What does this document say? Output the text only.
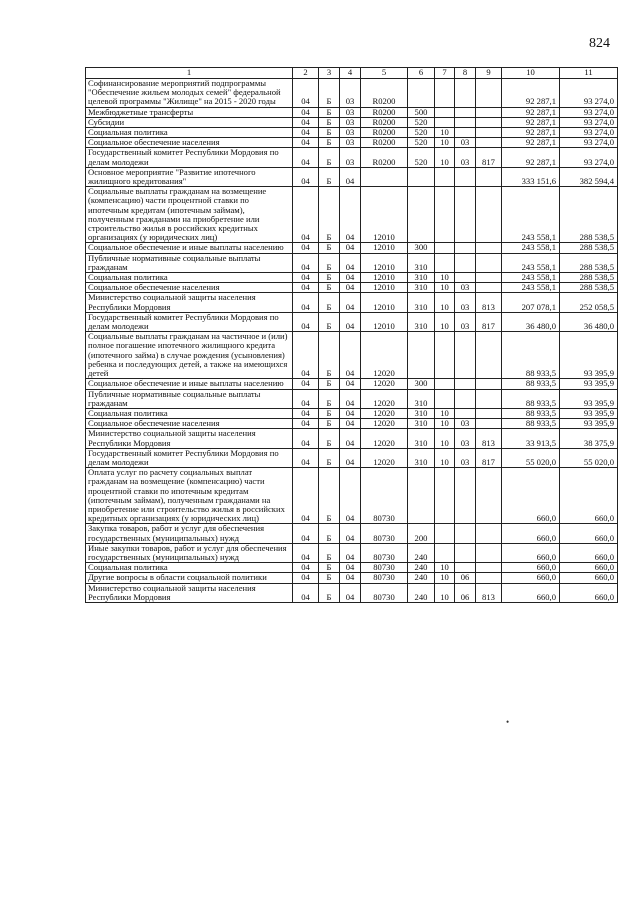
824
1	2	3	4	5	6	7	8	9	10	11
Софинансирование мероприятий подпрограммы "Обеспечение жильем молодых семей" федеральной целевой программы "Жилище" на 2015 - 2020 годы	04	Б	03	R0200					92 287,1	93 274,0
Межбюджетные трансферты	04	Б	03	R0200	500				92 287,1	93 274,0
Субсидии	04	Б	03	R0200	520				92 287,1	93 274,0
Социальная политика	04	Б	03	R0200	520	10			92 287,1	93 274,0
Социальное обеспечение населения	04	Б	03	R0200	520	10	03		92 287,1	93 274,0
Государственный комитет Республики Мордовия по делам молодежи	04	Б	03	R0200	520	10	03	817	92 287,1	93 274,0
Основное мероприятие "Развитие ипотечного жилищного кредитования"	04	Б	04						333 151,6	382 594,4
Социальные выплаты гражданам на возмещение (компенсацию) части процентной ставки по ипотечным кредитам (ипотечным займам), полученным гражданами на приобретение или строительство жилья в российских кредитных организациях (у юридических лиц)	04	Б	04	12010					243 558,1	288 538,5
Социальное обеспечение и иные выплаты населению	04	Б	04	12010	300				243 558,1	288 538,5
Публичные нормативные социальные выплаты гражданам	04	Б	04	12010	310				243 558,1	288 538,5
Социальная политика	04	Б	04	12010	310	10			243 558,1	288 538,5
Социальное обеспечение населения	04	Б	04	12010	310	10	03		243 558,1	288 538,5
Министерство социальной защиты населения Республики Мордовия	04	Б	04	12010	310	10	03	813	207 078,1	252 058,5
Государственный комитет Республики Мордовия по делам молодежи	04	Б	04	12010	310	10	03	817	36 480,0	36 480,0
Социальные выплаты гражданам на частичное и (или) полное погашение ипотечного жилищного кредита (ипотечного займа) в случае рождения (усыновления) ребенка и последующих детей, а также на имеющихся детей	04	Б	04	12020					88 933,5	93 395,9
Социальное обеспечение и иные выплаты населению	04	Б	04	12020	300				88 933,5	93 395,9
Публичные нормативные социальные выплаты гражданам	04	Б	04	12020	310				88 933,5	93 395,9
Социальная политика	04	Б	04	12020	310	10			88 933,5	93 395,9
Социальное обеспечение населения	04	Б	04	12020	310	10	03		88 933,5	93 395,9
Министерство социальной защиты населения Республики Мордовия	04	Б	04	12020	310	10	03	813	33 913,5	38 375,9
Государственный комитет Республики Мордовия по делам молодежи	04	Б	04	12020	310	10	03	817	55 020,0	55 020,0
Оплата услуг по расчету социальных выплат гражданам на возмещение (компенсацию) части процентной ставки по ипотечным кредитам (ипотечным займам), полученным гражданами на приобретение или строительство жилья в российских кредитных организациях (у юридических лиц)	04	Б	04	80730					660,0	660,0
Закупка товаров, работ и услуг для обеспечения государственных (муниципальных) нужд	04	Б	04	80730	200				660,0	660,0
Иные закупки товаров, работ и услуг для обеспечения государственных (муниципальных) нужд	04	Б	04	80730	240				660,0	660,0
Социальная политика	04	Б	04	80730	240	10			660,0	660,0
Другие вопросы в области социальной политики	04	Б	04	80730	240	10	06		660,0	660,0
Министерство социальной защиты населения Республики Мордовия	04	Б	04	80730	240	10	06	813	660,0	660,0
•
